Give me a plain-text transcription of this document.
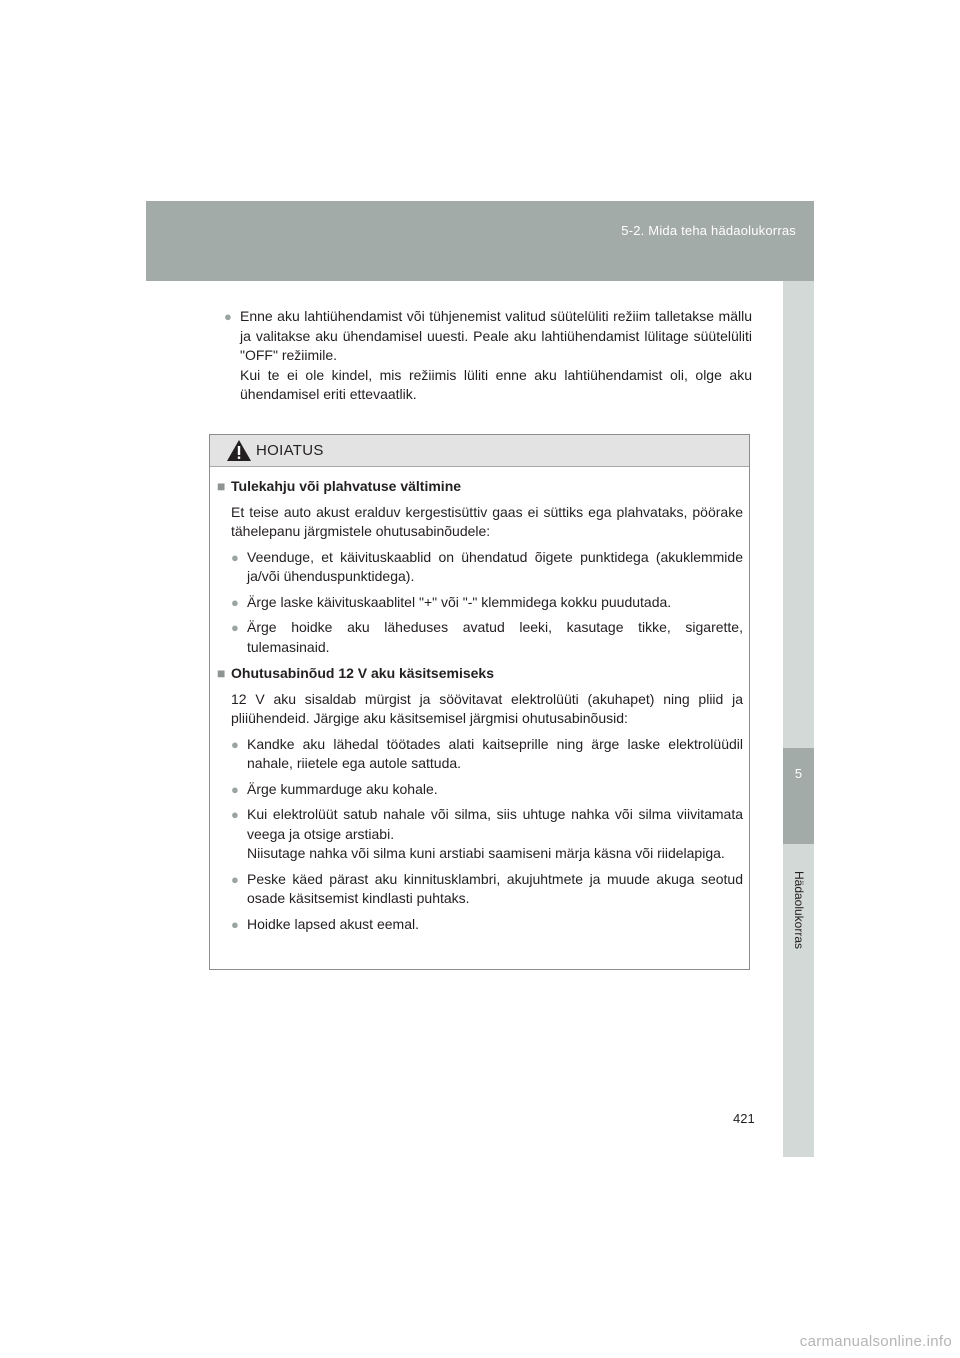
5-2. Mida teha hädaolukorras
5
Hädaolukorras
● Enne aku lahtiühendamist või tühjenemist valitud süütelüliti režiim talletakse mällu ja valitakse aku ühendamisel uuesti. Peale aku lahtiühendamist lülitage süütelüliti "OFF" režiimile.
Kui te ei ole kindel, mis režiimis lüliti enne aku lahtiühendamist oli, olge aku ühendamisel eriti ettevaatlik.
HOIATUS
■ Tulekahju või plahvatuse vältimine
Et teise auto akust eralduv kergestisüttiv gaas ei süttiks ega plahvataks, pöörake tähelepanu järgmistele ohutusabinõudele:
● Veenduge, et käivituskaablid on ühendatud õigete punktidega (akuklemmide ja/või ühenduspunktidega).
● Ärge laske käivituskaablitel "+" või "-" klemmidega kokku puudutada.
● Ärge hoidke aku läheduses avatud leeki, kasutage tikke, sigarette, tulemasinaid.
■ Ohutusabinõud 12 V aku käsitsemiseks
12 V aku sisaldab mürgist ja söövitavat elektrolüüti (akuhapet) ning pliid ja pliiühendeid. Järgige aku käsitsemisel järgmisi ohutusabinõusid:
● Kandke aku lähedal töötades alati kaitseprille ning ärge laske elektrolüüdil nahale, riietele ega autole sattuda.
● Ärge kummarduge aku kohale.
● Kui elektrolüüt satub nahale või silma, siis uhtuge nahka või silma viivitamata veega ja otsige arstiabi.
Niisutage nahka või silma kuni arstiabi saamiseni märja käsna või riidelapiga.
● Peske käed pärast aku kinnitusklambri, akujuhtmete ja muude akuga seotud osade käsitsemist kindlasti puhtaks.
● Hoidke lapsed akust eemal.
421
carmanualsonline.info
